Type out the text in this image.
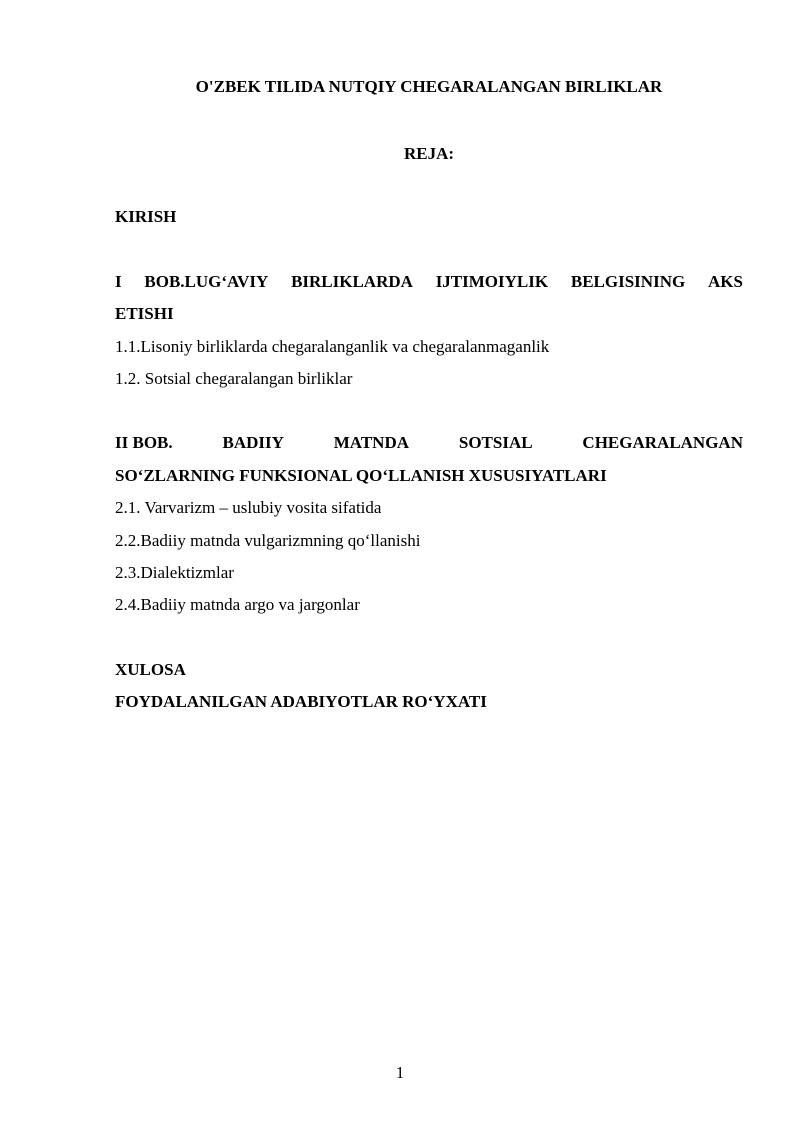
O'ZBEK TILIDA NUTQIY CHEGARALANGAN BIRLIKLAR
REJA:
KIRISH
I BOB.LUG‘AVIY BIRLIKLARDA IJTIMOIYLIK BELGISINING AKS
ETISHI
1.1.Lisoniy birliklarda chegaralanganlik va chegaralanmaganlik
1.2. Sotsial chegaralangan birliklar
II BOB.	BADIIY	MATNDA	SOTSIAL	CHEGARALANGAN
SO‘ZLARNING FUNKSIONAL QO‘LLANISH XUSUSIYATLARI
2.1. Varvarizm – uslubiy vosita sifatida
2.2.Badiiy matnda vulgarizmning qo‘llanishi
2.3.Dialektizmlar
2.4.Badiiy matnda argo va jargonlar
XULOSA
FOYDALANILGAN ADABIYOTLAR RO‘YXATI
1
